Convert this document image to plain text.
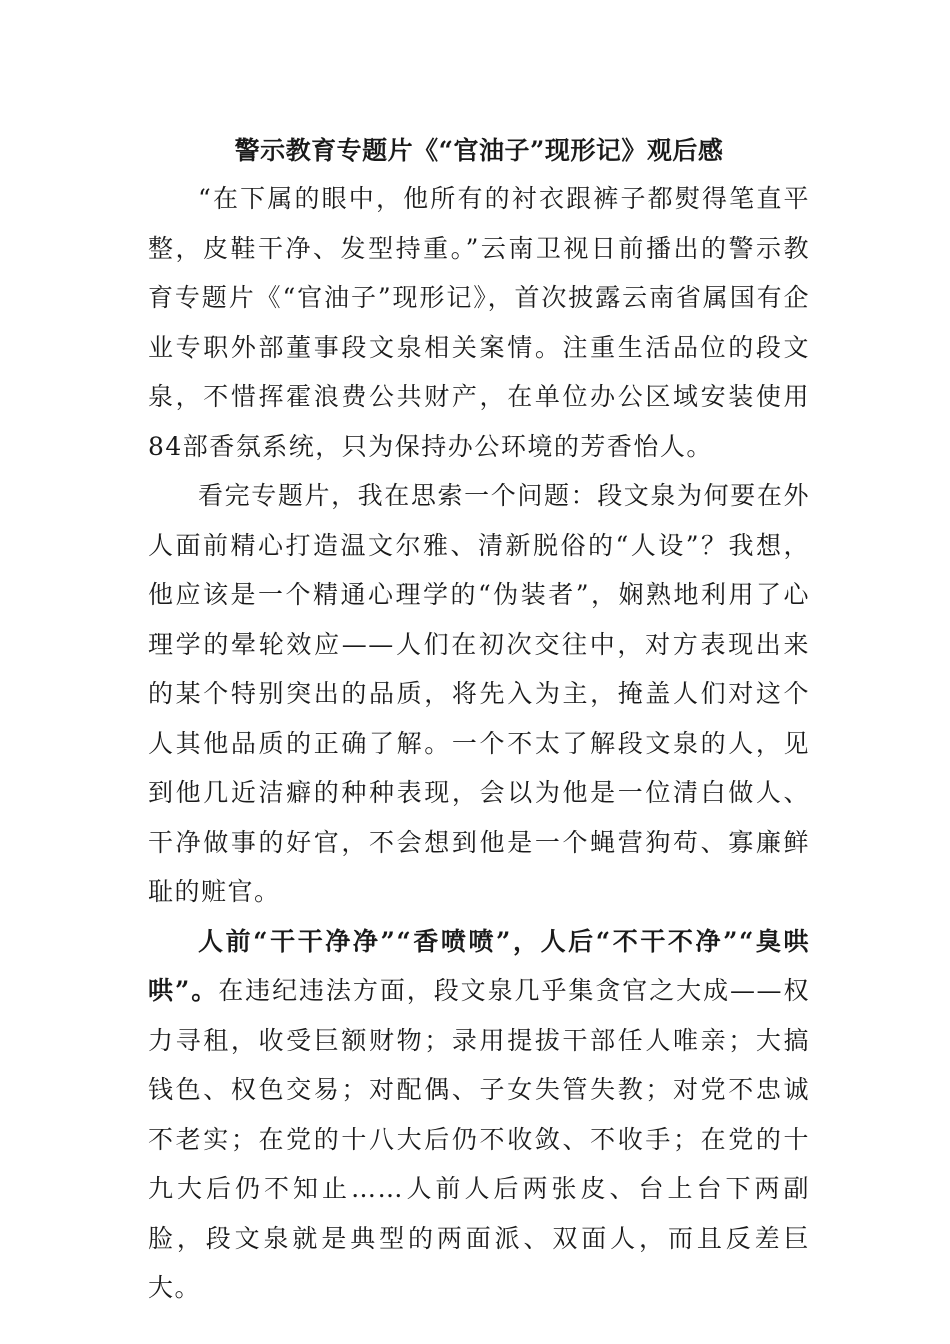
警示教育专题片《“官油子”现形记》观后感

“在下属的眼中，他所有的衬衣跟裤子都熨得笔直平整，皮鞋干净、发型持重。”云南卫视日前播出的警示教育专题片《“官油子”现形记》，首次披露云南省属国有企业专职外部董事段文泉相关案情。注重生活品位的段文泉，不惜挥霍浪费公共财产，在单位办公区域安装使用84部香氛系统，只为保持办公环境的芳香怡人。

看完专题片，我在思索一个问题：段文泉为何要在外人面前精心打造温文尔雅、清新脱俗的“人设”？我想，他应该是一个精通心理学的“伪装者”，娴熟地利用了心理学的晕轮效应——人们在初次交往中，对方表现出来的某个特别突出的品质，将先入为主，掩盖人们对这个人其他品质的正确了解。一个不太了解段文泉的人，见到他几近洁癖的种种表现，会以为他是一位清白做人、干净做事的好官，不会想到他是一个蝇营狗苟、寡廉鲜耻的赃官。

人前“干干净净”“香喷喷”，人后“不干不净”“臭哄哄”。在违纪违法方面，段文泉几乎集贪官之大成——权力寻租，收受巨额财物；录用提拔干部任人唯亲；大搞钱色、权色交易；对配偶、子女失管失教；对党不忠诚不老实；在党的十八大后仍不收敛、不收手；在党的十九大后仍不知止……人前人后两张皮、台上台下两副脸，段文泉就是典型的两面派、双面人，而且反差巨大。
